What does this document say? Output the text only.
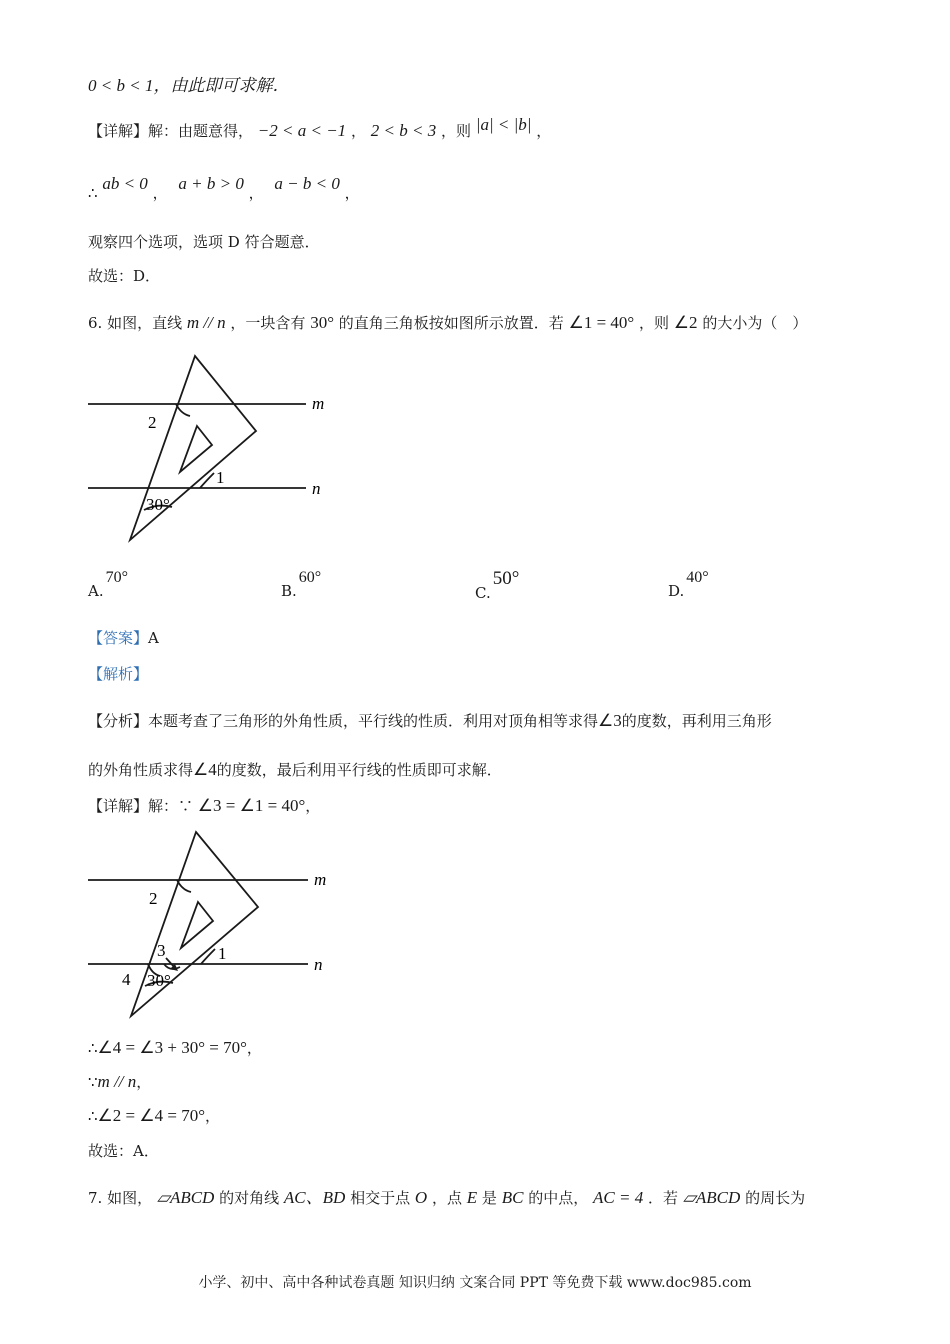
0 < b < 1，由此即可求解．
【详解】解：由题意得， −2 < a < −1 ， 2 < b < 3 ，则 |a| < |b| ，
∴ ab < 0 ， a + b > 0 ， a − b < 0 ，
观察四个选项，选项 D 符合题意．
故选：D．
6. 如图，直线 m // n ，一块含有 30° 的直角三角板按如图所示放置．若 ∠1 = 40° ，则 ∠2 的大小为（　）
m
n
2
1
30°
m
n
2
1
30°
3
4
A.70°
B.60°
C.50°
D.40°
【答案】A
【解析】
【分析】本题考查了三角形的外角性质，平行线的性质．利用对顶角相等求得∠3的度数，再利用三角形
的外角性质求得∠4的度数，最后利用平行线的性质即可求解．
【详解】解：∵ ∠3 = ∠1 = 40°，
∴∠4 = ∠3 + 30° = 70°，
∵m // n，
∴∠2 = ∠4 = 70°，
故选：A．
7. 如图， ▱ABCD 的对角线 AC、BD 相交于点 O ，点 E 是 BC 的中点， AC = 4 ．若 ▱ABCD 的周长为
小学、初中、高中各种试卷真题 知识归纳 文案合同 PPT 等免费下载 www.doc985.com
